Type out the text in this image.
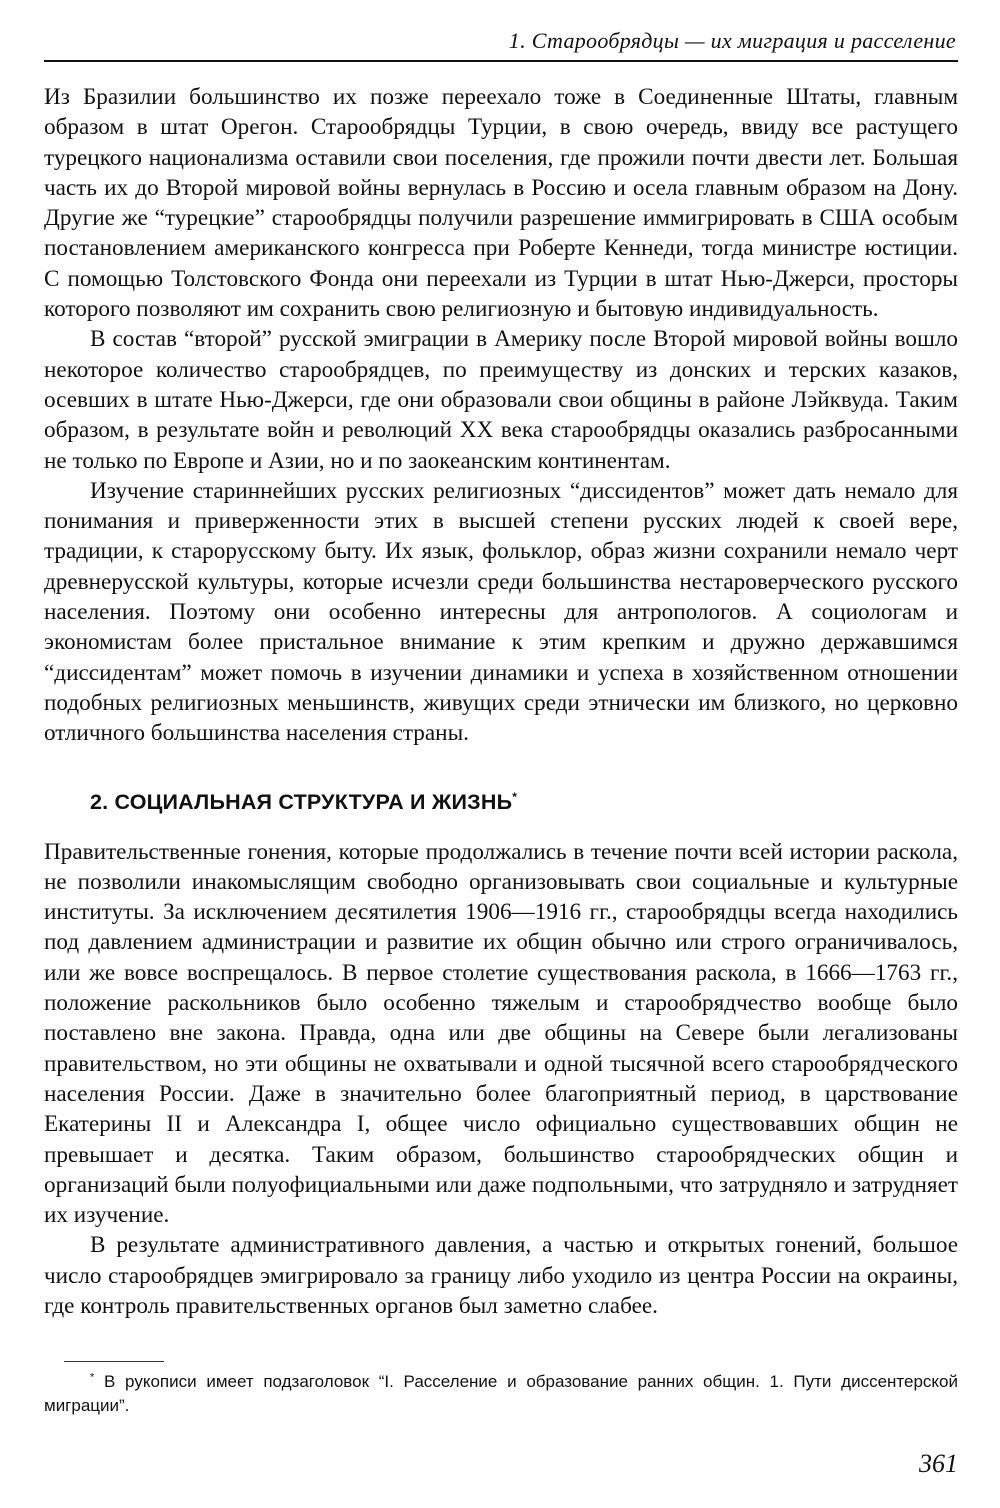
1. Старообрядцы — их миграция и расселение

Из Бразилии большинство их позже переехало тоже в Соединенные Штаты, главным образом в штат Орегон. Старообрядцы Турции, в свою очередь, ввиду все растущего турецкого национализма оставили свои поселения, где прожили почти двести лет. Большая часть их до Второй мировой войны вернулась в Россию и осела главным образом на Дону. Другие же “турецкие” старообрядцы получили разрешение иммигрировать в США особым постановлением американского конгресса при Роберте Кеннеди, тогда министре юстиции. С помощью Толстовского Фонда они переехали из Турции в штат Нью-Джерси, просторы которого позволяют им сохранить свою религиозную и бытовую индивидуальность.

В состав “второй” русской эмиграции в Америку после Второй мировой войны вошло некоторое количество старообрядцев, по преимуществу из донских и терских казаков, осевших в штате Нью-Джерси, где они образовали свои общины в районе Лэйквуда. Таким образом, в результате войн и революций XX века старообрядцы оказались разбросанными не только по Европе и Азии, но и по заокеанским континентам.

Изучение стариннейших русских религиозных “диссидентов” может дать немало для понимания и приверженности этих в высшей степени русских людей к своей вере, традиции, к старорусскому быту. Их язык, фольклор, образ жизни сохранили немало черт древнерусской культуры, которые исчезли среди большинства нестароверческого русского населения. Поэтому они особенно интересны для антропологов. А социологам и экономистам более пристальное внимание к этим крепким и дружно державшимся “диссидентам” может помочь в изучении динамики и успеха в хозяйственном отношении подобных религиозных меньшинств, живущих среди этнически им близкого, но церковно отличного большинства населения страны.

2. СОЦИАЛЬНАЯ СТРУКТУРА И ЖИЗНЬ*

Правительственные гонения, которые продолжались в течение почти всей истории раскола, не позволили инакомыслящим свободно организовывать свои социальные и культурные институты. За исключением десятилетия 1906—1916 гг., старообрядцы всегда находились под давлением администрации и развитие их общин обычно или строго ограничивалось, или же вовсе воспрещалось. В первое столетие существования раскола, в 1666—1763 гг., положение раскольников было особенно тяжелым и старообрядчество вообще было поставлено вне закона. Правда, одна или две общины на Севере были легализованы правительством, но эти общины не охватывали и одной тысячной всего старообрядческого населения России. Даже в значительно более благоприятный период, в царствование Екатерины II и Александра I, общее число официально существовавших общин не превышает и десятка. Таким образом, большинство старообрядческих общин и организаций были полуофициальными или даже подпольными, что затрудняло и затрудняет их изучение.

В результате административного давления, а частью и открытых гонений, большое число старообрядцев эмигрировало за границу либо уходило из центра России на окраины, где контроль правительственных органов был заметно слабее.

* В рукописи имеет подзаголовок “I. Расселение и образование ранних общин. 1. Пути диссентерской миграции”.

361
